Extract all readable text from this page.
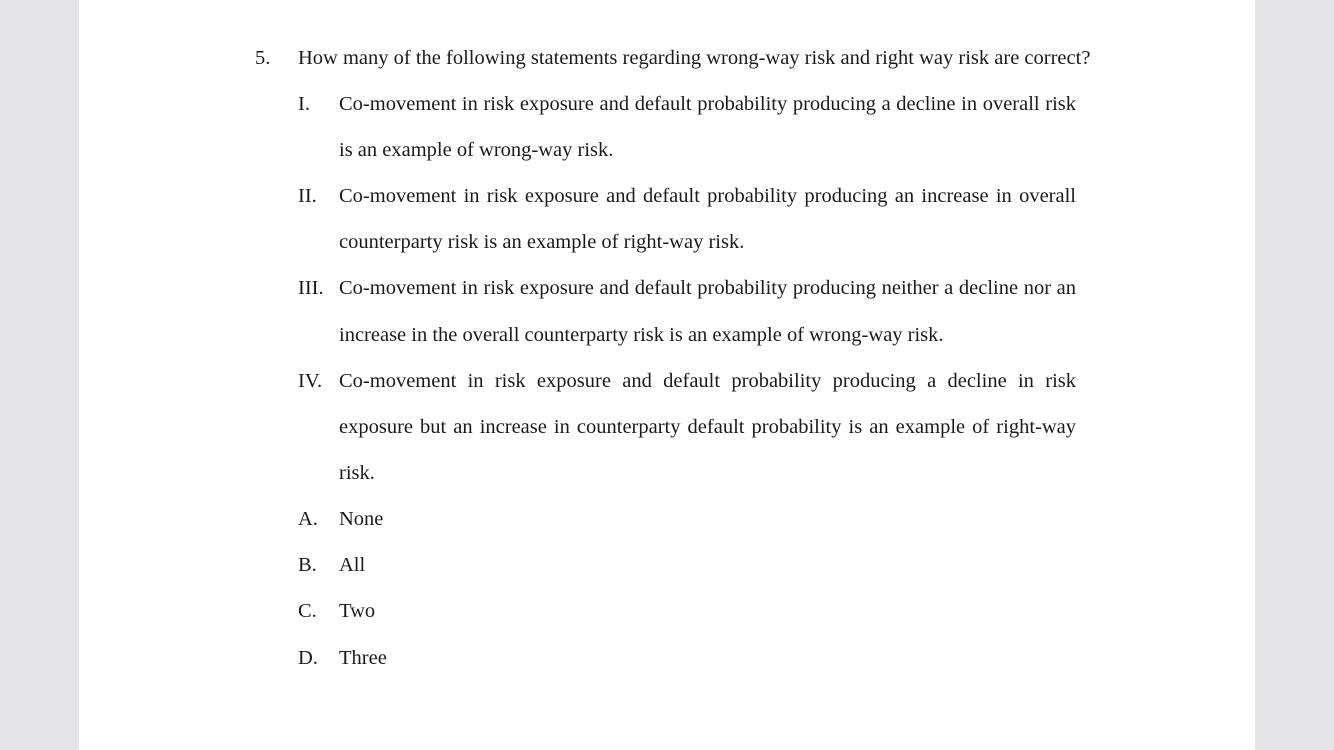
5. How many of the following statements regarding wrong-way risk and right way risk are correct?
I. Co-movement in risk exposure and default probability producing a decline in overall risk
is an example of wrong-way risk.
II. Co-movement in risk exposure and default probability producing an increase in overall
counterparty risk is an example of right-way risk.
III. Co-movement in risk exposure and default probability producing neither a decline nor an
increase in the overall counterparty risk is an example of wrong-way risk.
IV. Co-movement in risk exposure and default probability producing a decline in risk
exposure but an increase in counterparty default probability is an example of right-way
risk.
A. None
B. All
C. Two
D. Three
